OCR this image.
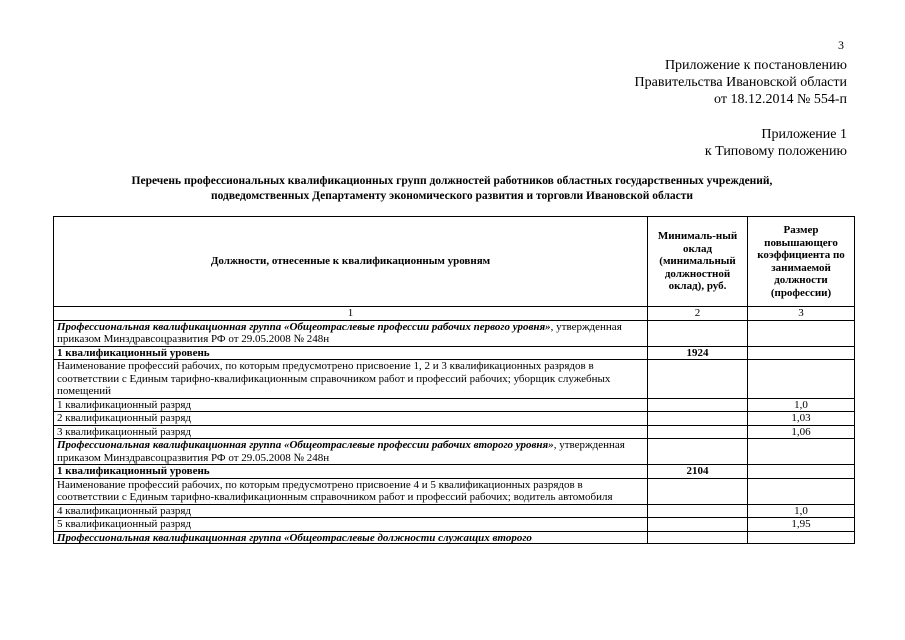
3
Приложение к постановлению
Правительства Ивановской области
от 18.12.2014 № 554-п
Приложение 1
к Типовому положению
Перечень профессиональных квалификационных групп должностей работников областных государственных учреждений,
подведомственных Департаменту экономического развития и торговли Ивановской области
Должности, отнесенные к квалификационным уровням	Минималь-ный оклад (минимальный должностной оклад), руб.	Размер повышающего коэффициента по занимаемой должности (профессии)
1	2	3
Профессиональная квалификационная группа «Общеотраслевые профессии рабочих первого уровня», утвержденная приказом Минздравсоцразвития РФ от 29.05.2008 № 248н		
1 квалификационный уровень	1924	
Наименование профессий рабочих, по которым предусмотрено присвоение 1, 2 и 3 квалификационных разрядов в соответствии с Единым тарифно-квалификационным справочником работ и профессий рабочих; уборщик служебных помещений		
1 квалификационный разряд		1,0
2 квалификационный разряд		1,03
3 квалификационный разряд		1,06
Профессиональная квалификационная группа «Общеотраслевые профессии рабочих второго уровня», утвержденная приказом Минздравсоцразвития РФ от 29.05.2008 № 248н		
1 квалификационный уровень	2104	
Наименование профессий рабочих, по которым предусмотрено присвоение 4 и 5 квалификационных разрядов в соответствии с Единым тарифно-квалификационным справочником работ и профессий рабочих; водитель автомобиля		
4 квалификационный разряд		1,0
5 квалификационный разряд		1,95

Профессиональная квалификационная группа «Общеотраслевые должности служащих второго		
